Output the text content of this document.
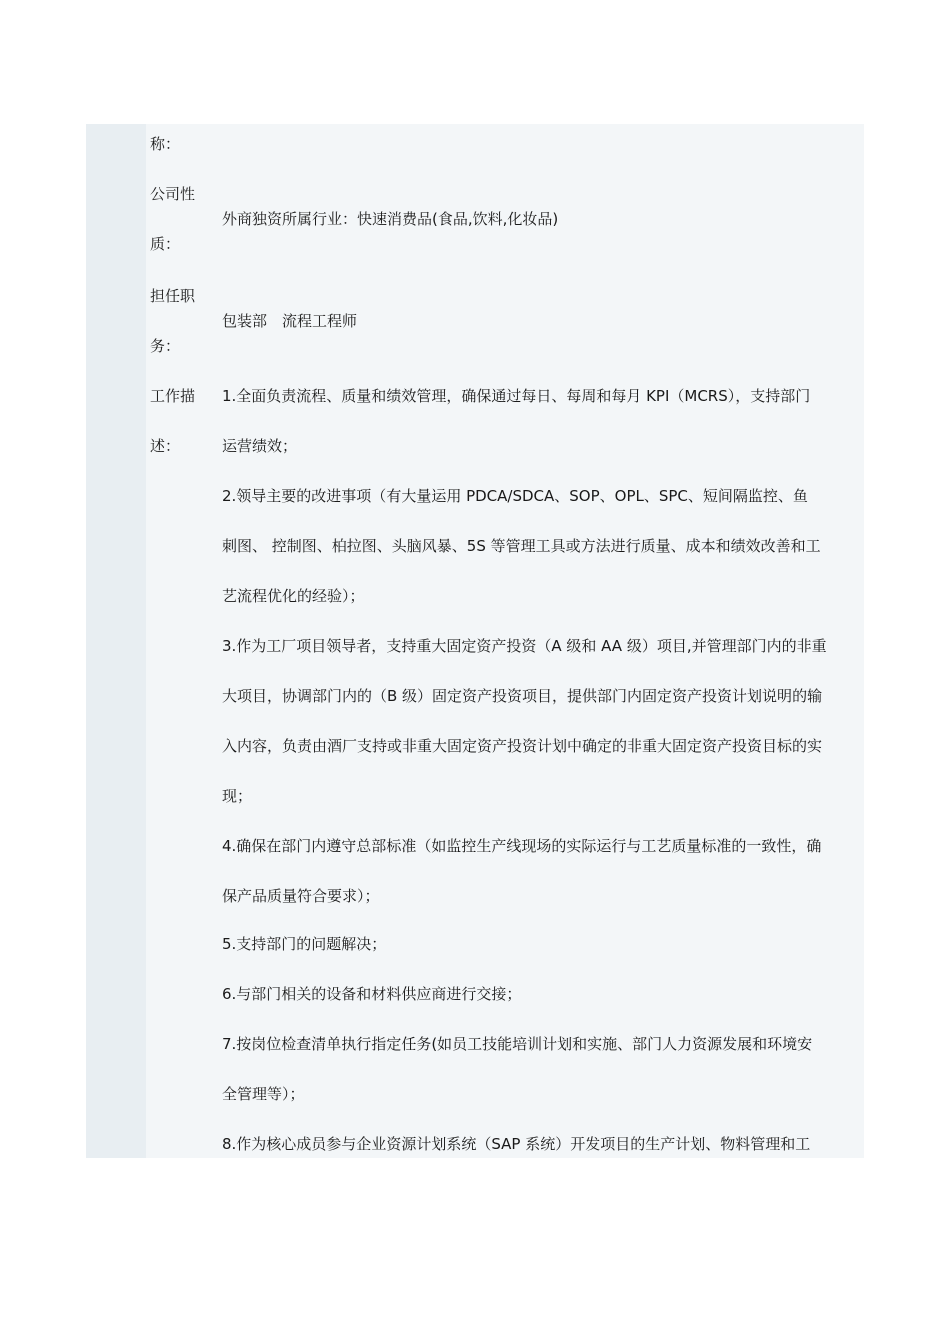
称：
公司性
外商独资所属行业：快速消费品(食品,饮料,化妆品)
质：
担任职
包装部　流程工程师
务：
工作描
述：
1.全面负责流程、质量和绩效管理，确保通过每日、每周和每月 KPI（MCRS），支持部门
运营绩效；
2.领导主要的改进事项（有大量运用 PDCA/SDCA、SOP、OPL、SPC、短间隔监控、鱼
刺图、 控制图、柏拉图、头脑风暴、5S 等管理工具或方法进行质量、成本和绩效改善和工
艺流程优化的经验）；
3.作为工厂项目领导者，支持重大固定资产投资（A 级和 AA 级）项目,并管理部门内的非重
大项目，协调部门内的（B 级）固定资产投资项目，提供部门内固定资产投资计划说明的输
入内容，负责由酒厂支持或非重大固定资产投资计划中确定的非重大固定资产投资目标的实
现；
4.确保在部门内遵守总部标准（如监控生产线现场的实际运行与工艺质量标准的一致性，确
保产品质量符合要求）；
5.支持部门的问题解决；
6.与部门相关的设备和材料供应商进行交接；
7.按岗位检查清单执行指定任务(如员工技能培训计划和实施、部门人力资源发展和环境安
全管理等）；
8.作为核心成员参与企业资源计划系统（SAP 系统）开发项目的生产计划、物料管理和工
